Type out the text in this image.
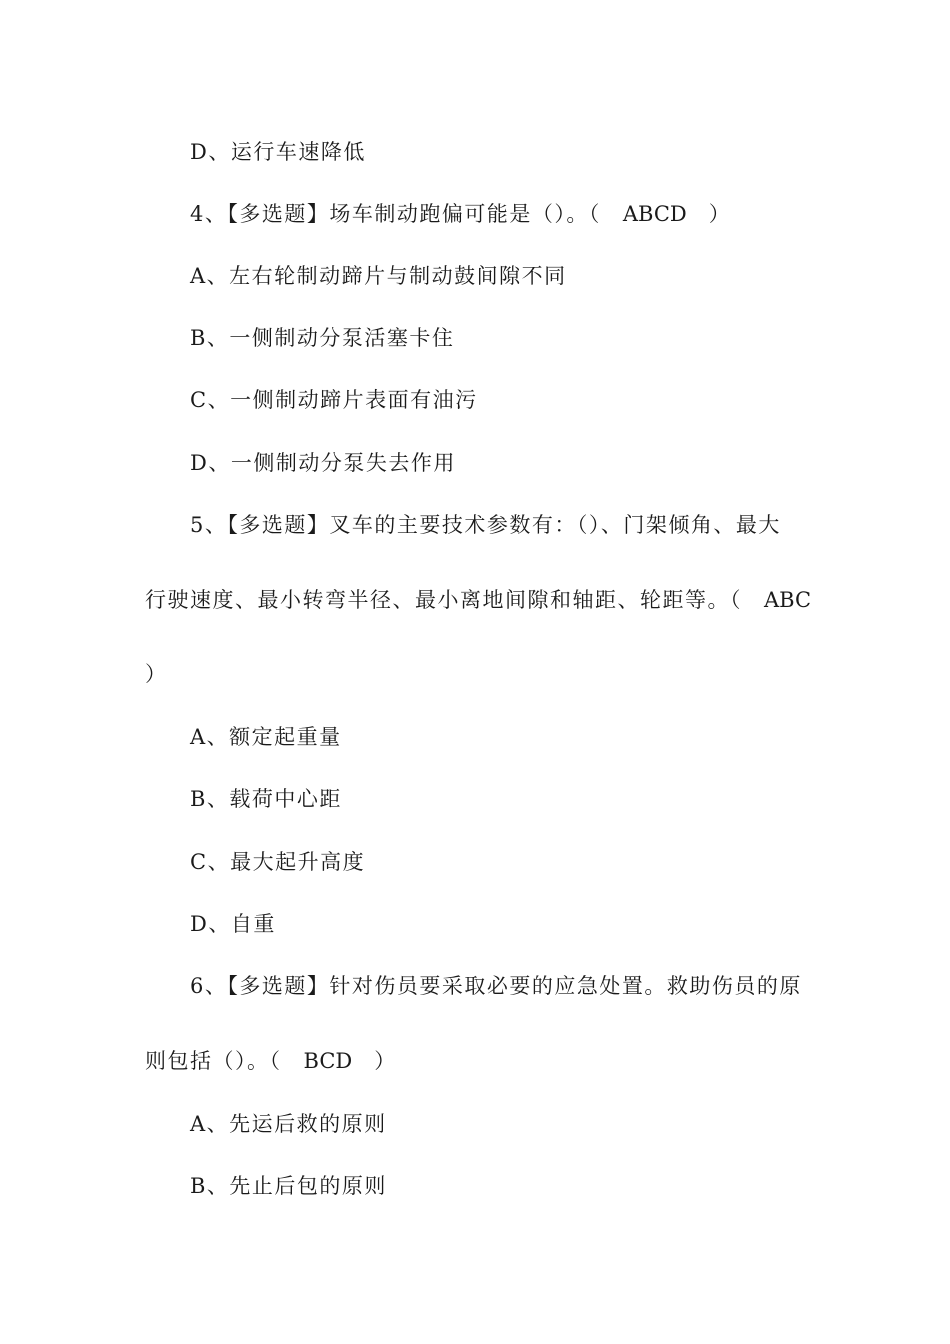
D、运行车速降低
4、【多选题】场车制动跑偏可能是（）。（ ABCD ）
A、左右轮制动蹄片与制动鼓间隙不同
B、一侧制动分泵活塞卡住
C、一侧制动蹄片表面有油污
D、一侧制动分泵失去作用
5、【多选题】叉车的主要技术参数有：（）、门架倾角、最大
行驶速度、最小转弯半径、最小离地间隙和轴距、轮距等。（ ABC
）
A、额定起重量
B、载荷中心距
C、最大起升高度
D、自重
6、【多选题】针对伤员要采取必要的应急处置。救助伤员的原
则包括（）。（ BCD ）
A、先运后救的原则
B、先止后包的原则
